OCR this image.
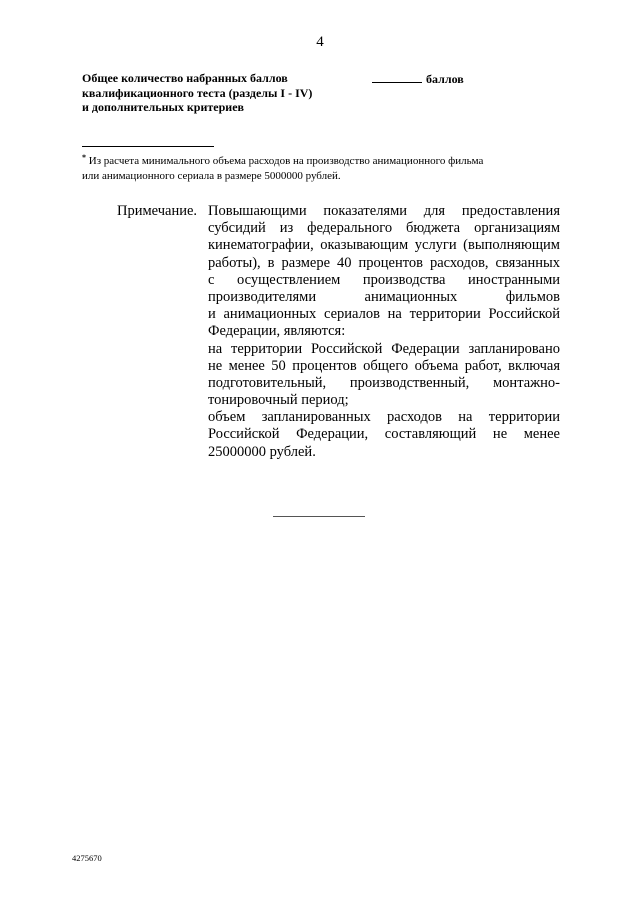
4
Общее количество набранных баллов
квалификационного теста (разделы I - IV)
и дополнительных критериев
баллов
* Из расчета минимального объема расходов на производство анимационного фильма
или анимационного сериала в размере 5000000 рублей.
Примечание. Повышающими показателями для предоставления
субсидий из федерального бюджета организациям
кинематографии, оказывающим услуги (выполняющим
работы), в размере 40 процентов расходов, связанных
с осуществлением производства иностранными
производителями анимационных фильмов
и анимационных сериалов на территории Российской
Федерации, являются:
на территории Российской Федерации запланировано
не менее 50 процентов общего объема работ, включая
подготовительный, производственный, монтажно-
тонировочный период;
объем запланированных расходов на территории
Российской Федерации, составляющий не менее
25000000 рублей.
4275670
